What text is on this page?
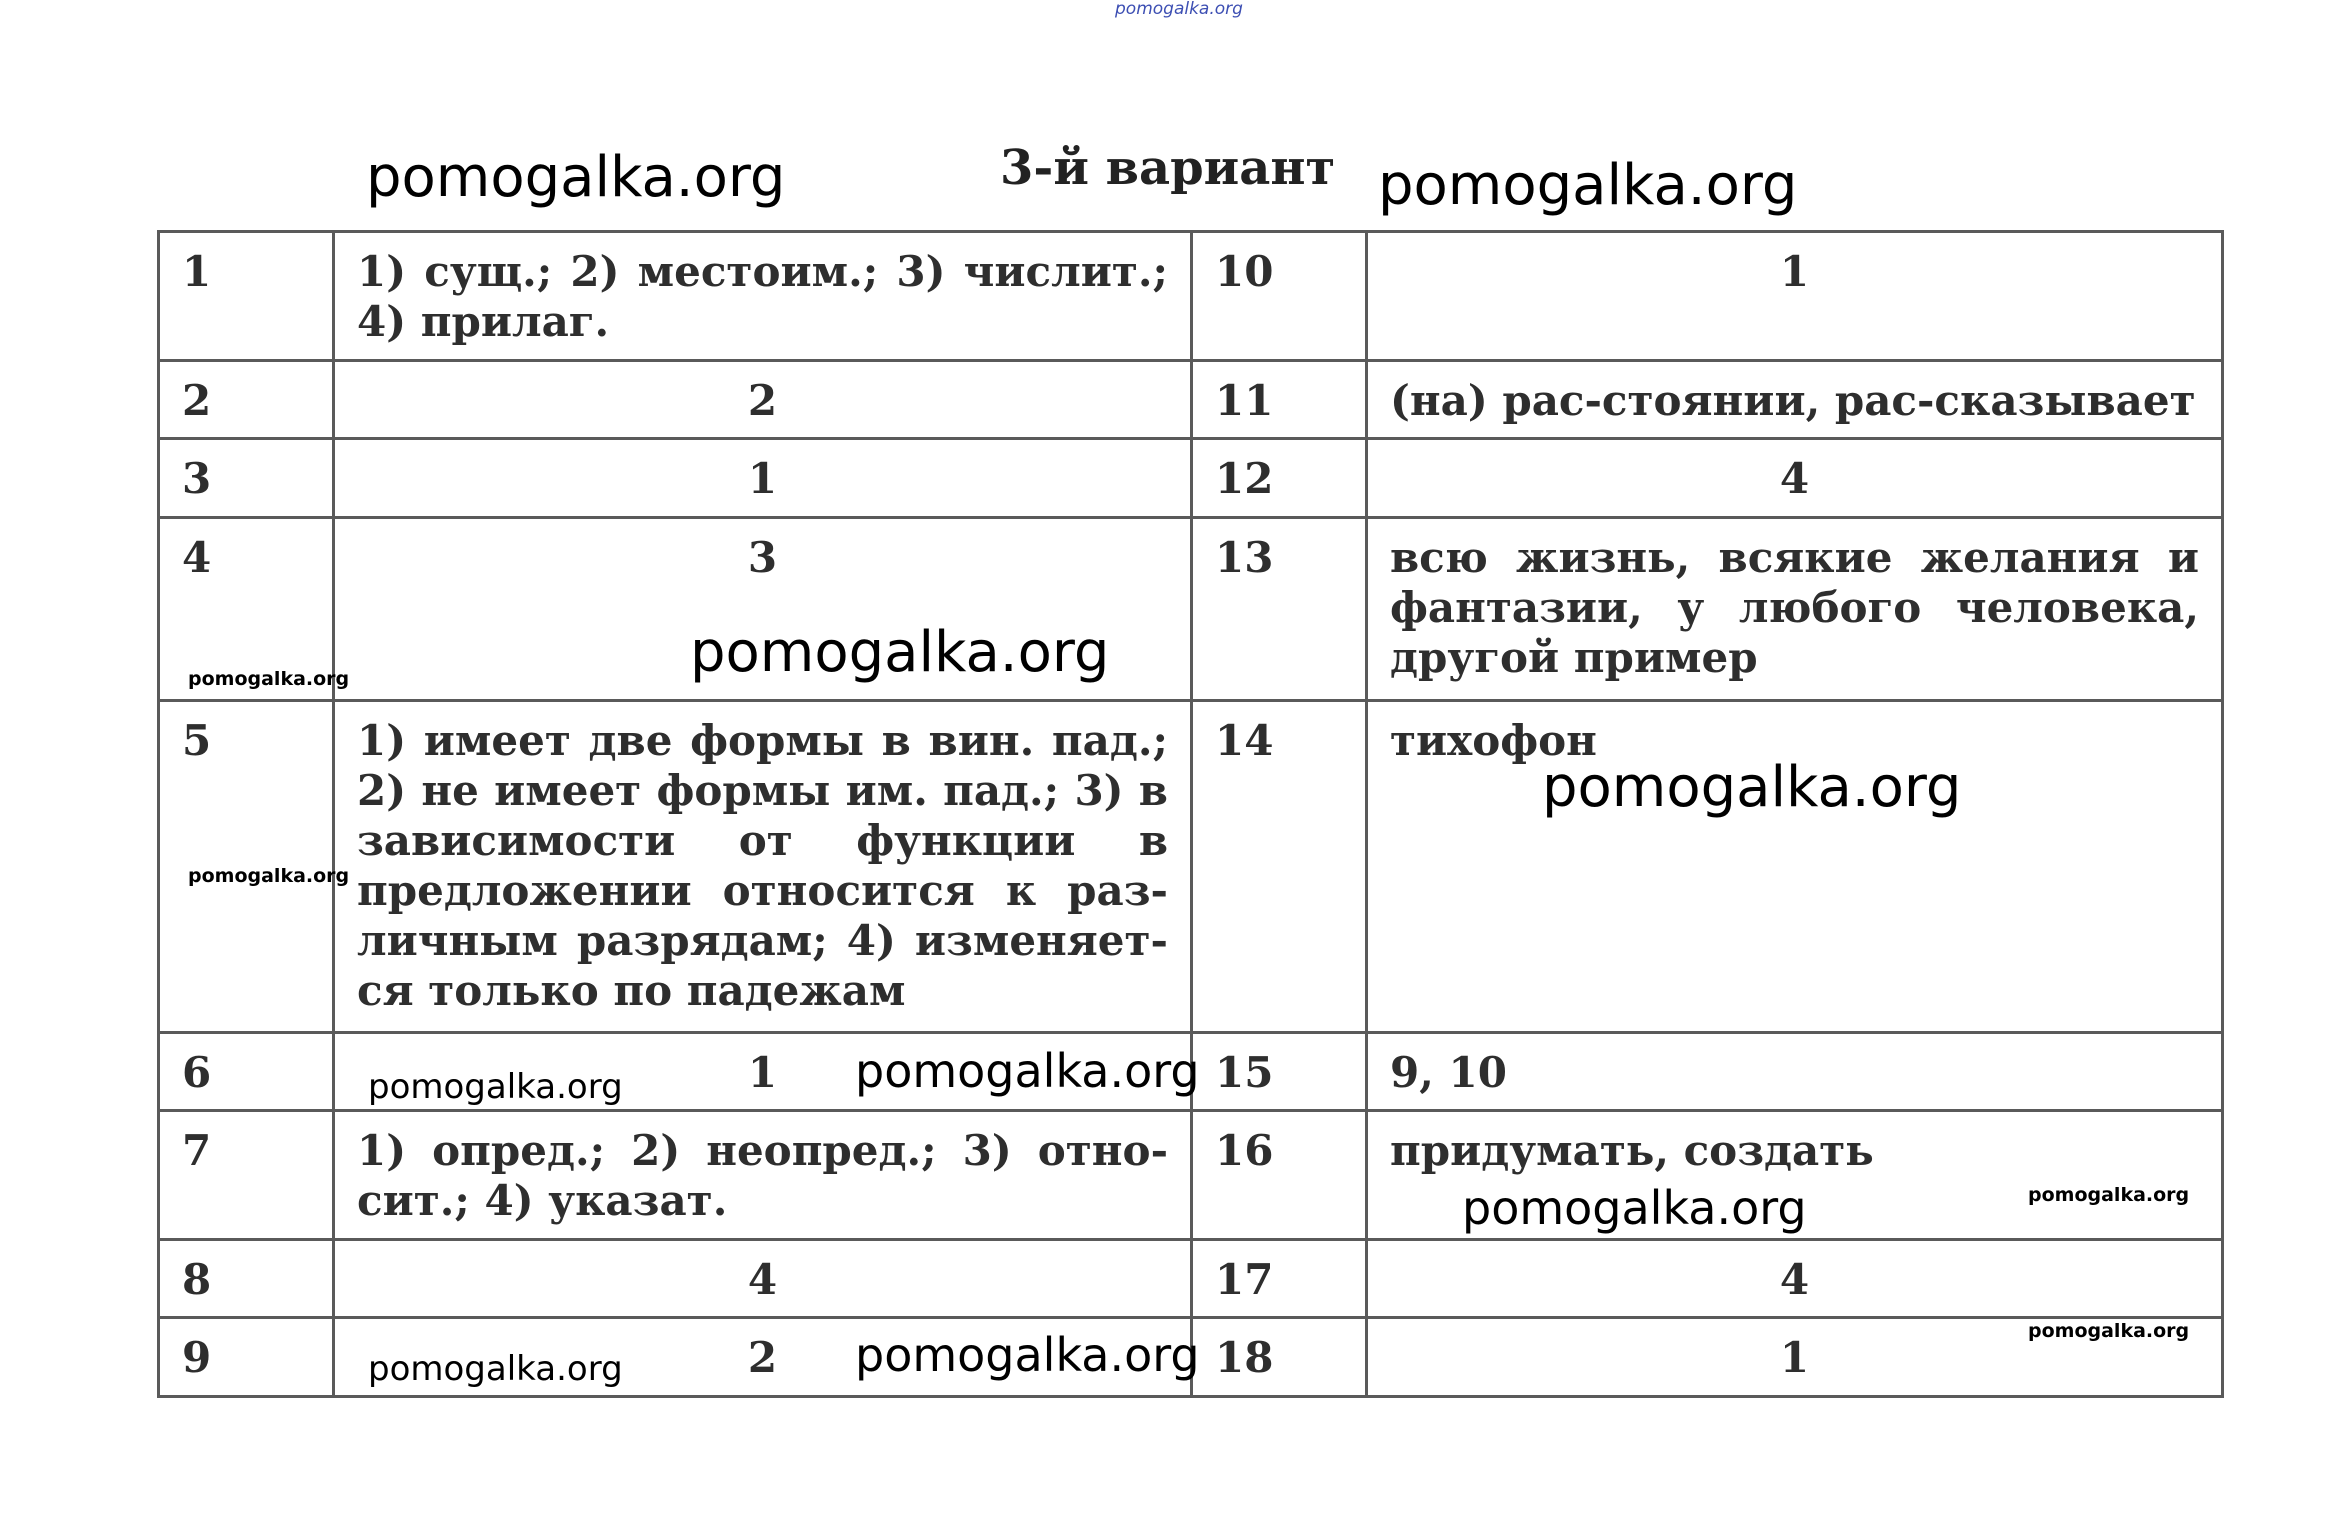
pomogalka.org
3-й вариант
1	1) сущ.; 2) местоим.; 3) числит.; 4) прилаг.	10	1
2	2	11	(на) рас-стоянии, рас-сказывает
3	1	12	4
4	3	13	всю жизнь, всякие желания и фантазии, у любого человека, другой пример
5	1) имеет две формы в вин. пад.; 2) не имеет формы им. пад.; 3) в зависимости от функции в предложении относится к раз-личным разрядам; 4) изменяет-ся только по падежам	14	тихофон
6	1	15	9, 10
7	1) опред.; 2) неопред.; 3) отно-сит.; 4) указат.	16	придумать, создать
8	4	17	4
9	2	18	1
pomogalka.org	pomogalka.org
pomogalka.org	pomogalka.org
pomogalka.org
pomogalka.org
pomogalka.org	pomogalka.org
pomogalka.org	pomogalka.org
pomogalka.org
pomogalka.org	pomogalka.org
